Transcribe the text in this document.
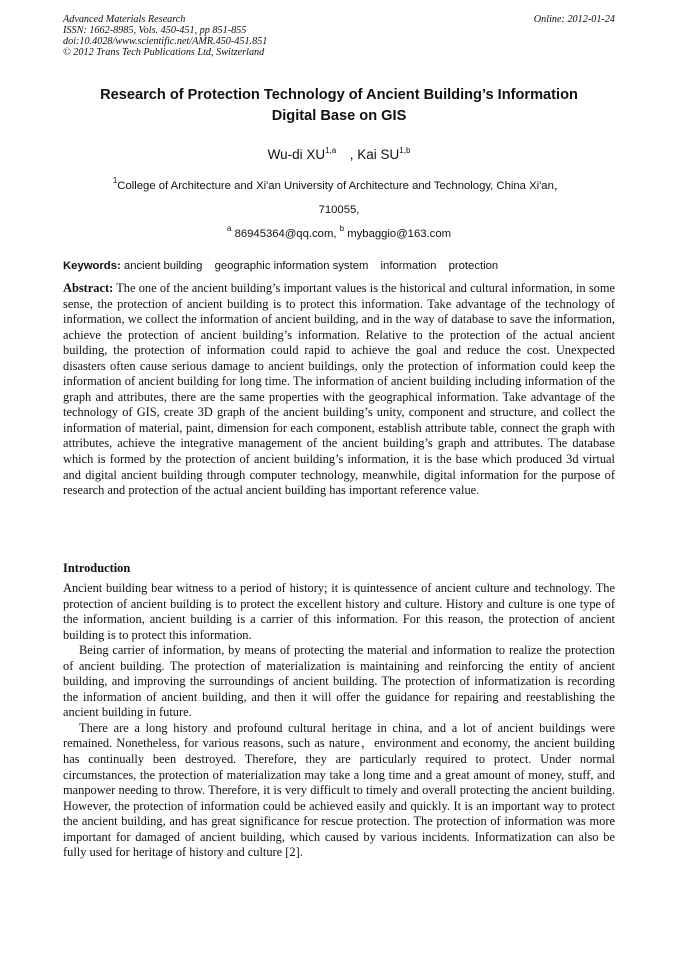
Advanced Materials Research	Online: 2012-01-24
ISSN: 1662-8985, Vols. 450-451, pp 851-855
doi:10.4028/www.scientific.net/AMR.450-451.851
© 2012 Trans Tech Publications Ltd, Switzerland
Research of Protection Technology of Ancient Building’s Information
Digital Base on GIS
Wu-di XU$^{1,a}$　, Kai SU$^{1,b}$
$^1$College of Architecture and Xi'an University of Architecture and Technology, China Xi'an，
710055,
$^a$ 86945364@qq.com, $^b$ mybaggio@163.com
Keywords: ancient building geographic information system information protection
Abstract: The one of the ancient building’s important values is the historical and cultural information, in some sense, the protection of ancient building is to protect this information. Take advantage of the technology of information, we collect the information of ancient building, and in the way of database to save the information, achieve the protection of ancient building’s information. Relative to the protection of the actual ancient building, the protection of information could rapid to achieve the goal and reduce the cost. Unexpected disasters often cause serious damage to ancient buildings, only the protection of information could keep the information of ancient building for long time. The information of ancient building including information of the graph and attributes, there are the same properties with the geographical information. Take advantage of the technology of GIS, create 3D graph of the ancient building’s unity, component and structure, and collect the information of material, paint, dimension for each component, establish attribute table, connect the graph with attributes, achieve the integrative management of the ancient building’s graph and attributes. The database which is formed by the protection of ancient building’s information, it is the base which produced 3d virtual and digital ancient building through computer technology, meanwhile, digital information for the purpose of research and protection of the actual ancient building has important reference value.
Introduction

Ancient building bear witness to a period of history; it is quintessence of ancient culture and technology. The protection of ancient building is to protect the excellent history and culture. History and culture is one type of the information, ancient building is a carrier of this information. For this reason, the protection of ancient building is to protect this information.

Being carrier of information, by means of protecting the material and information to realize the protection of ancient building. The protection of materialization is maintaining and reinforcing the entity of ancient building, and improving the surroundings of ancient building. The protection of informatization is recording the information of ancient building, and then it will offer the guidance for repairing and reestablishing the ancient building in future.

There are a long history and profound cultural heritage in china, and a lot of ancient buildings were remained. Nonetheless, for various reasons, such as nature，environment and economy, the ancient building has continually been destroyed. Therefore, they are particularly required to protect. Under normal circumstances, the protection of materialization may take a long time and a great amount of money, stuff, and manpower needing to throw. Therefore, it is very difficult to timely and overall protecting the ancient building. However, the protection of information could be achieved easily and quickly. It is an important way to protect the ancient building, and has great significance for rescue protection. The protection of information was more important for damaged of ancient building, which caused by various incidents. Informatization can also be fully used for heritage of history and culture [2].
